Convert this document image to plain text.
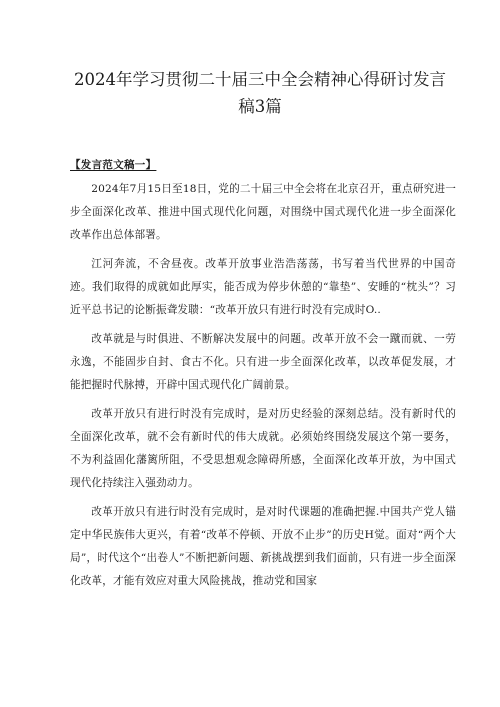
2024年学习贯彻二十届三中全会精神心得研讨发言稿3篇
【发言范文稿一】

2024年7月15日至18日，党的二十届三中全会将在北京召开，重点研究进一步全面深化改革、推进中国式现代化问题，对围绕中国式现代化进一步全面深化改革作出总体部署。

江河奔流，不舍昼夜。改革开放事业浩浩荡荡，书写着当代世界的中国奇迹。我们取得的成就如此厚实，能否成为停步休憩的“靠垫”、安睡的“枕头”？习近平总书记的论断振聋发聩：“改革开放只有进行时没有完成时O..

改革就是与时俱进、不断解决发展中的问题。改革开放不会一蹴而就、一劳永逸，不能固步自封、食古不化。只有进一步全面深化改革，以改革促发展，才能把握时代脉搏，开辟中国式现代化广阔前景。

改革开放只有进行时没有完成时，是对历史经验的深刻总结。没有新时代的全面深化改革，就不会有新时代的伟大成就。必须始终围绕发展这个第一要务，不为利益固化藩篱所阻，不受思想观念障碍所感，全面深化改革开放，为中国式现代化持续注入强劲动力。

改革开放只有进行时没有完成时，是对时代课题的准确把握.中国共产党人锚定中华民族伟大更兴，有着“改革不停顿、开放不止步”的历史H觉。面对“两个大局”，时代这个“出卷人”不断把新问题、新挑战摆到我们面前，只有进一步全面深化改革，才能有效应对重大风险挑战，推动党和国家
